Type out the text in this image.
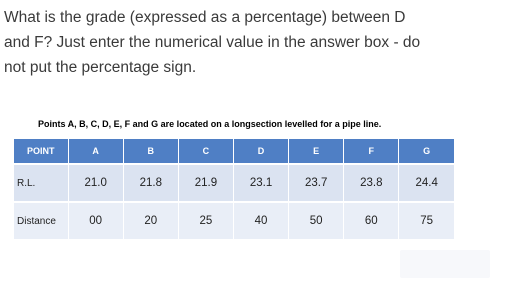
What is the grade (expressed as a percentage) between D
and F? Just enter the numerical value in the answer box - do
not put the percentage sign.
Points A, B, C, D, E, F and G are located on a longsection levelled for a pipe line.
POINT	A	B	C	D	E	F	G
R.L.	21.0	21.8	21.9	23.1	23.7	23.8	24.4
Distance	00	20	25	40	50	60	75
